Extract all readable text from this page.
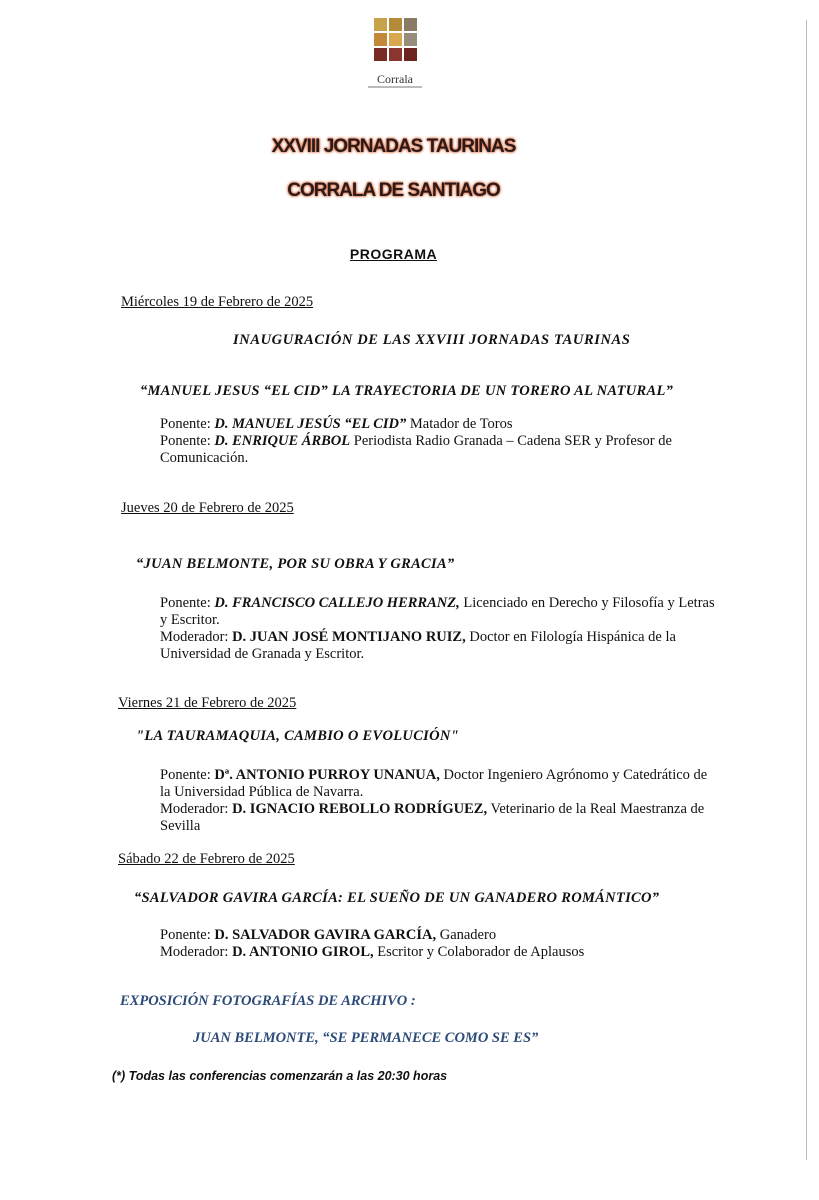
Corrala
XXVIII JORNADAS TAURINAS
CORRALA DE SANTIAGO
PROGRAMA
Miércoles 19 de Febrero de 2025
INAUGURACIÓN DE LAS XXVIII JORNADAS TAURINAS
“MANUEL JESUS “EL CID” LA TRAYECTORIA DE UN TORERO AL NATURAL”
Ponente: D. MANUEL JESÚS “EL CID” Matador de Toros
Ponente: D. ENRIQUE ÁRBOL Periodista Radio Granada – Cadena SER y Profesor de Comunicación.
Jueves 20 de Febrero de 2025
“JUAN BELMONTE, POR SU OBRA Y GRACIA”
Ponente: D. FRANCISCO CALLEJO HERRANZ, Licenciado en Derecho y Filosofía y Letras y Escritor.
Moderador: D. JUAN JOSÉ MONTIJANO RUIZ, Doctor en Filología Hispánica de la Universidad de Granada y Escritor.
Viernes 21 de Febrero de 2025
"LA TAURAMAQUIA, CAMBIO O EVOLUCIÓN"
Ponente: Dª. ANTONIO PURROY UNANUA, Doctor Ingeniero Agrónomo y Catedrático de la Universidad Pública de Navarra.
Moderador: D. IGNACIO REBOLLO RODRÍGUEZ, Veterinario de la Real Maestranza de Sevilla
Sábado 22 de Febrero de 2025
“SALVADOR GAVIRA GARCÍA: EL SUEÑO DE UN GANADERO ROMÁNTICO”
Ponente: D. SALVADOR GAVIRA GARCÍA, Ganadero
Moderador: D. ANTONIO GIROL, Escritor y Colaborador de Aplausos
EXPOSICIÓN FOTOGRAFÍAS DE ARCHIVO :
JUAN BELMONTE, “SE PERMANECE COMO SE ES”
(*) Todas las conferencias comenzarán a las 20:30 horas
